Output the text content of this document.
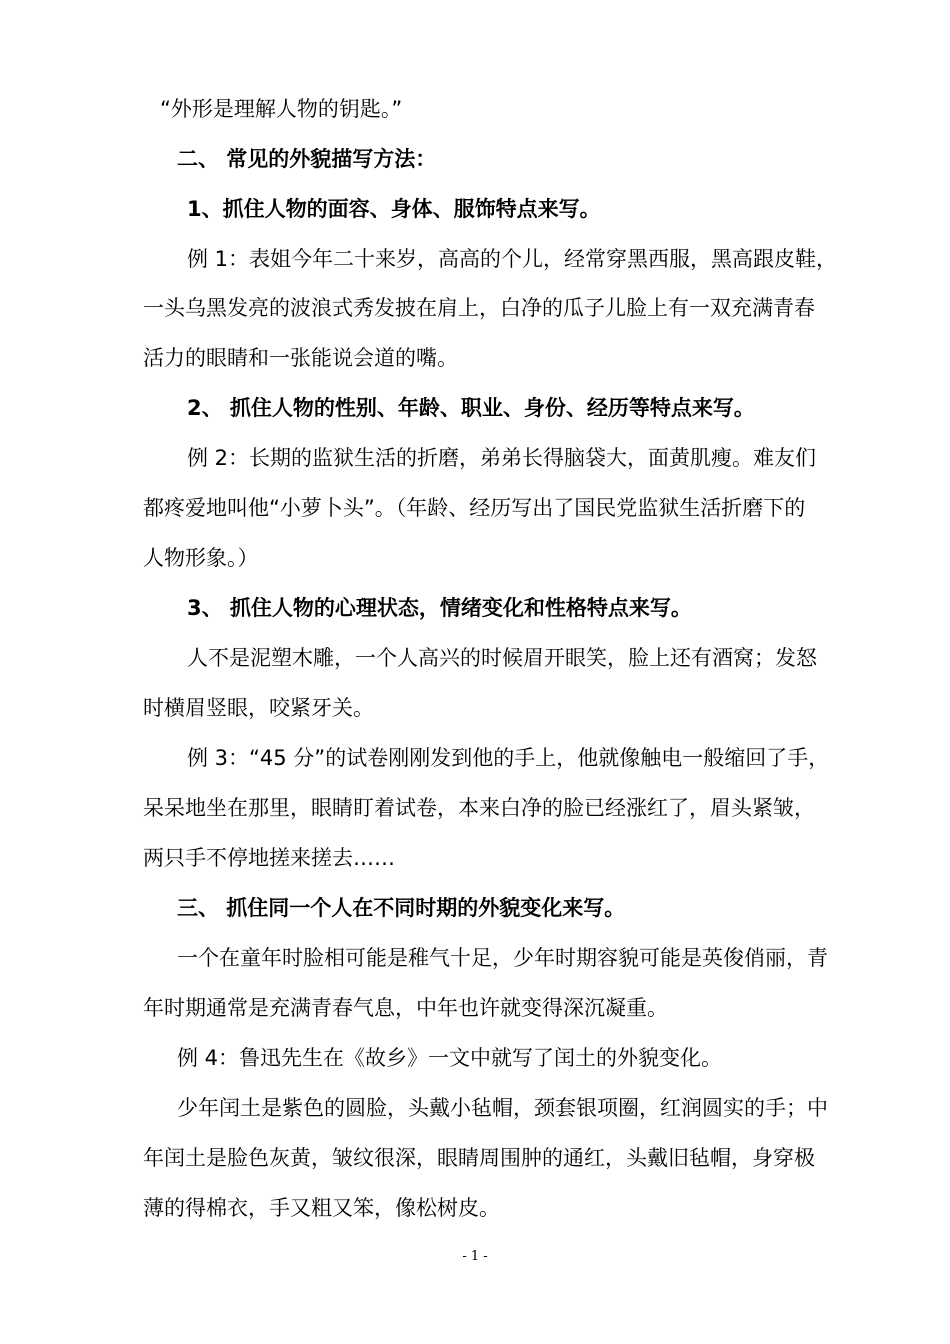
“外形是理解人物的钥匙。”
二、 常见的外貌描写方法：
1、抓住人物的面容、身体、服饰特点来写。
例 1：表姐今年二十来岁，高高的个儿，经常穿黑西服，黑高跟皮鞋，
一头乌黑发亮的波浪式秀发披在肩上，白净的瓜子儿脸上有一双充满青春
活力的眼睛和一张能说会道的嘴。
2、 抓住人物的性别、年龄、职业、身份、经历等特点来写。
例 2：长期的监狱生活的折磨，弟弟长得脑袋大，面黄肌瘦。难友们
都疼爱地叫他“小萝卜头”。（年龄、经历写出了国民党监狱生活折磨下的
人物形象。）
3、 抓住人物的心理状态，情绪变化和性格特点来写。
人不是泥塑木雕，一个人高兴的时候眉开眼笑，脸上还有酒窝；发怒
时横眉竖眼，咬紧牙关。
例 3：“45 分”的试卷刚刚发到他的手上，他就像触电一般缩回了手，
呆呆地坐在那里，眼睛盯着试卷，本来白净的脸已经涨红了，眉头紧皱，
两只手不停地搓来搓去……
三、 抓住同一个人在不同时期的外貌变化来写。
一个在童年时脸相可能是稚气十足，少年时期容貌可能是英俊俏丽，青
年时期通常是充满青春气息，中年也许就变得深沉凝重。
例 4：鲁迅先生在《故乡》一文中就写了闰土的外貌变化。
少年闰土是紫色的圆脸，头戴小毡帽，颈套银项圈，红润圆实的手；中
年闰土是脸色灰黄，皱纹很深，眼睛周围肿的通红，头戴旧毡帽，身穿极
薄的得棉衣，手又粗又笨，像松树皮。
- 1 -
